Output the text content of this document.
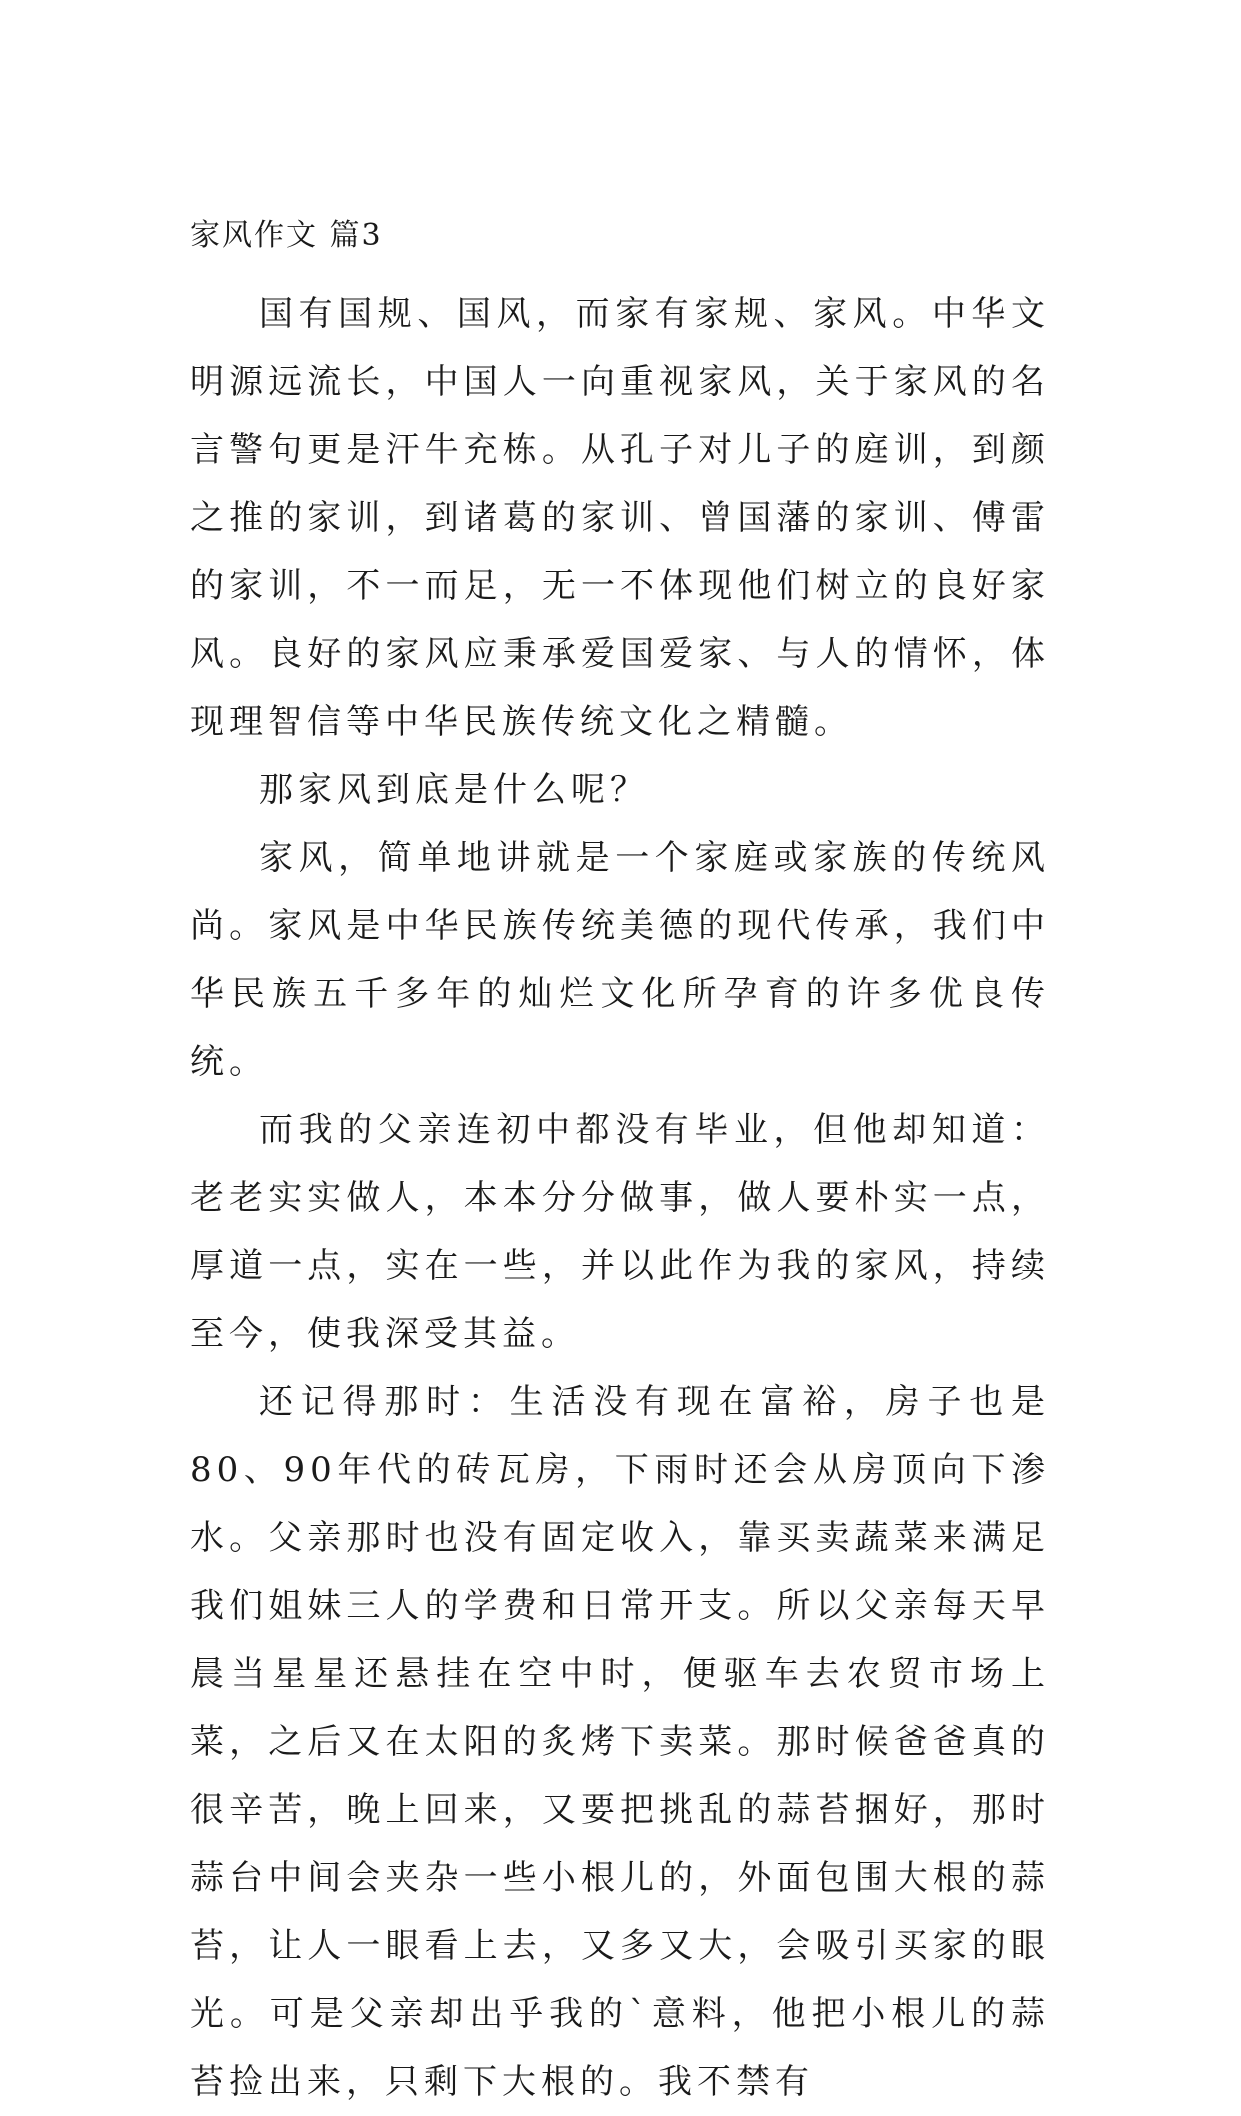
家风作文 篇3

国有国规、国风，而家有家规、家风。中华文明源远流长，中国人一向重视家风，关于家风的名言警句更是汗牛充栋。从孔子对儿子的庭训，到颜之推的家训，到诸葛的家训、曾国藩的家训、傅雷的家训，不一而足，无一不体现他们树立的良好家风。良好的家风应秉承爱国爱家、与人的情怀，体现理智信等中华民族传统文化之精髓。

那家风到底是什么呢？

家风，简单地讲就是一个家庭或家族的传统风尚。家风是中华民族传统美德的现代传承，我们中华民族五千多年的灿烂文化所孕育的许多优良传统。

而我的父亲连初中都没有毕业，但他却知道：老老实实做人，本本分分做事，做人要朴实一点，厚道一点，实在一些，并以此作为我的家风，持续至今，使我深受其益。

还记得那时：生活没有现在富裕，房子也是80、90年代的砖瓦房，下雨时还会从房顶向下渗水。父亲那时也没有固定收入，靠买卖蔬菜来满足我们姐妹三人的学费和日常开支。所以父亲每天早晨当星星还悬挂在空中时，便驱车去农贸市场上菜，之后又在太阳的炙烤下卖菜。那时候爸爸真的很辛苦，晚上回来，又要把挑乱的蒜苔捆好，那时蒜台中间会夹杂一些小根儿的，外面包围大根的蒜苔，让人一眼看上去，又多又大，会吸引买家的眼光。可是父亲却出乎我的`意料，他把小根儿的蒜苔捡出来，只剩下大根的。我不禁有
